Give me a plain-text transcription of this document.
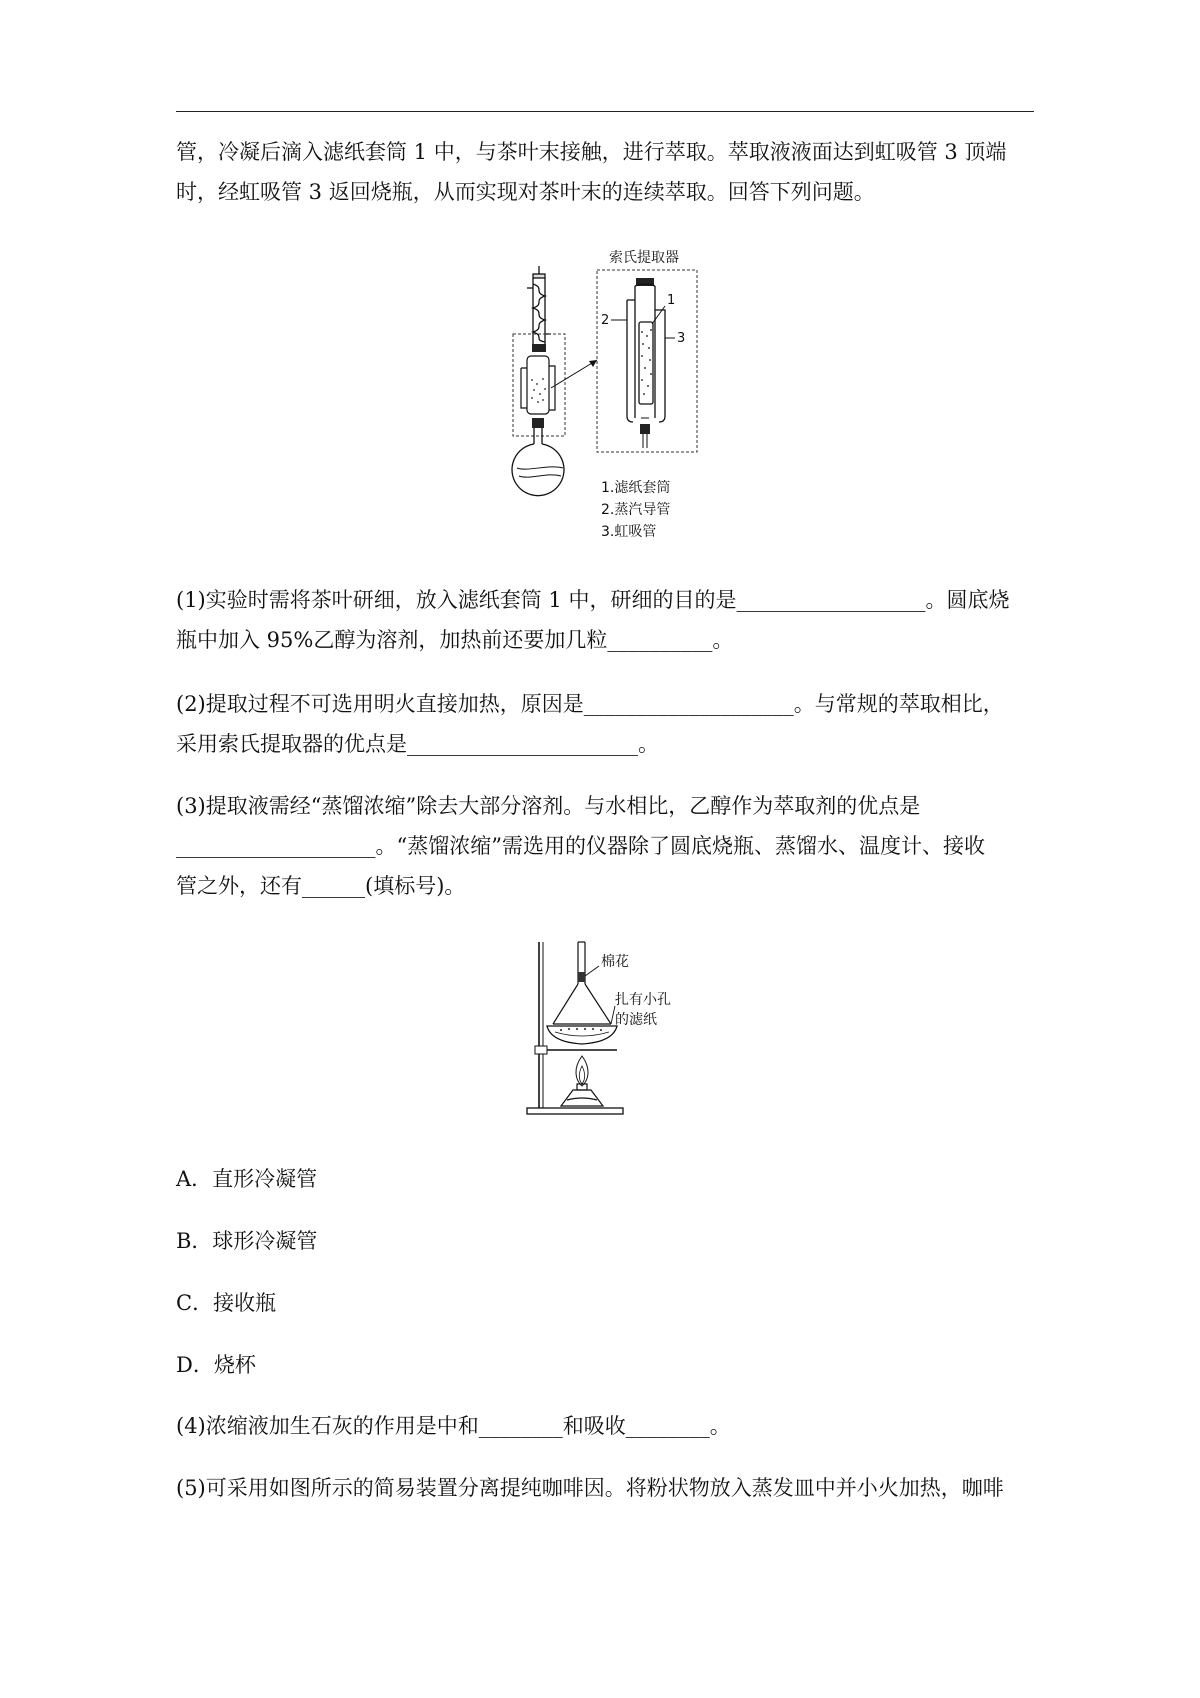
管，冷凝后滴入滤纸套筒 1 中，与茶叶末接触，进行萃取。萃取液液面达到虹吸管 3 顶端
时，经虹吸管 3 返回烧瓶，从而实现对茶叶末的连续萃取。回答下列问题。
索氏提取器
2
1
3
1.滤纸套筒
2.蒸汽导管
3.虹吸管
(1)实验时需将茶叶研细，放入滤纸套筒 1 中，研细的目的是__________________。圆底烧
瓶中加入 95%乙醇为溶剂，加热前还要加几粒__________。
(2)提取过程不可选用明火直接加热，原因是____________________。与常规的萃取相比，
采用索氏提取器的优点是______________________。
(3)提取液需经“蒸馏浓缩”除去大部分溶剂。与水相比，乙醇作为萃取剂的优点是
___________________。“蒸馏浓缩”需选用的仪器除了圆底烧瓶、蒸馏水、温度计、接收
管之外，还有______(填标号)。
棉花
扎有小孔
的滤纸
A．直形冷凝管
B．球形冷凝管
C．接收瓶
D．烧杯
(4)浓缩液加生石灰的作用是中和________和吸收________。
(5)可采用如图所示的简易装置分离提纯咖啡因。将粉状物放入蒸发皿中并小火加热，咖啡
